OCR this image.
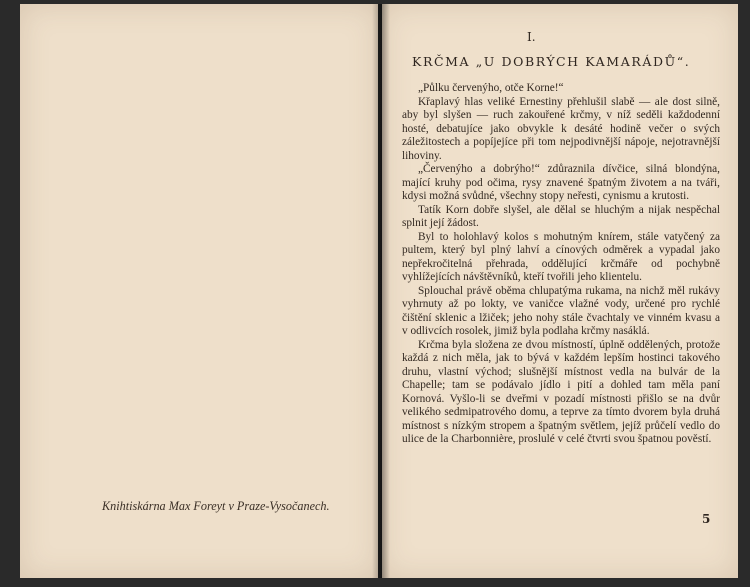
Knihtiskárna Max Foreyt v Praze-Vysočanech.
I.
KRČMA „U DOBRÝCH KAMARÁDŮ“.

„Půlku červenýho, otče Korne!“

Křaplavý hlas veliké Ernestiny přehlušil slabě — ale dost silně, aby byl slyšen — ruch zakouřené krčmy, v níž seděli každodenní hosté, debatujíce jako obvykle k desáté hodině večer o svých záležitostech a popíjejíce při tom nejpodivnější nápoje, nejotravnější lihoviny.

„Červenýho a dobrýho!“ zdůraznila dívčice, silná blondýna, mající kruhy pod očima, rysy znavené špatným životem a na tváři, kdysi možná svůdné, všechny stopy neřesti, cynismu a krutosti.

Tatík Korn dobře slyšel, ale dělal se hluchým a nijak nespěchal splnit její žádost.

Byl to holohlavý kolos s mohutným knírem, stále vatyčený za pultem, který byl plný lahví a cínových odměrek a vypadal jako nepřekročitelná přehrada, oddělující krčmáře od pochybně vyhlížejících návštěvníků, kteří tvořili jeho klientelu.

Splouchal právě oběma chlupatýma rukama, na nichž měl rukávy vyhrnuty až po lokty, ve vaničce vlažné vody, určené pro rychlé čištění sklenic a lžiček; jeho nohy stále čvachtaly ve vinném kvasu a v odlivcích rosolek, jimiž byla podlaha krčmy nasáklá.

Krčma byla složena ze dvou místností, úplně oddělených, protože každá z nich měla, jak to bývá v každém lepším hostinci takového druhu, vlastní východ; slušnější místnost vedla na bulvár de la Chapelle; tam se podávalo jídlo i pití a dohled tam měla paní Kornová. Vyšlo-li se dveřmi v pozadí místnosti přišlo se na dvůr velikého sedmipatrového domu, a teprve za tímto dvorem byla druhá místnost s nízkým stropem a špatným světlem, jejíž průčelí vedlo do ulice de la Charbonnière, proslulé v celé čtvrti svou špatnou pověstí.

5
